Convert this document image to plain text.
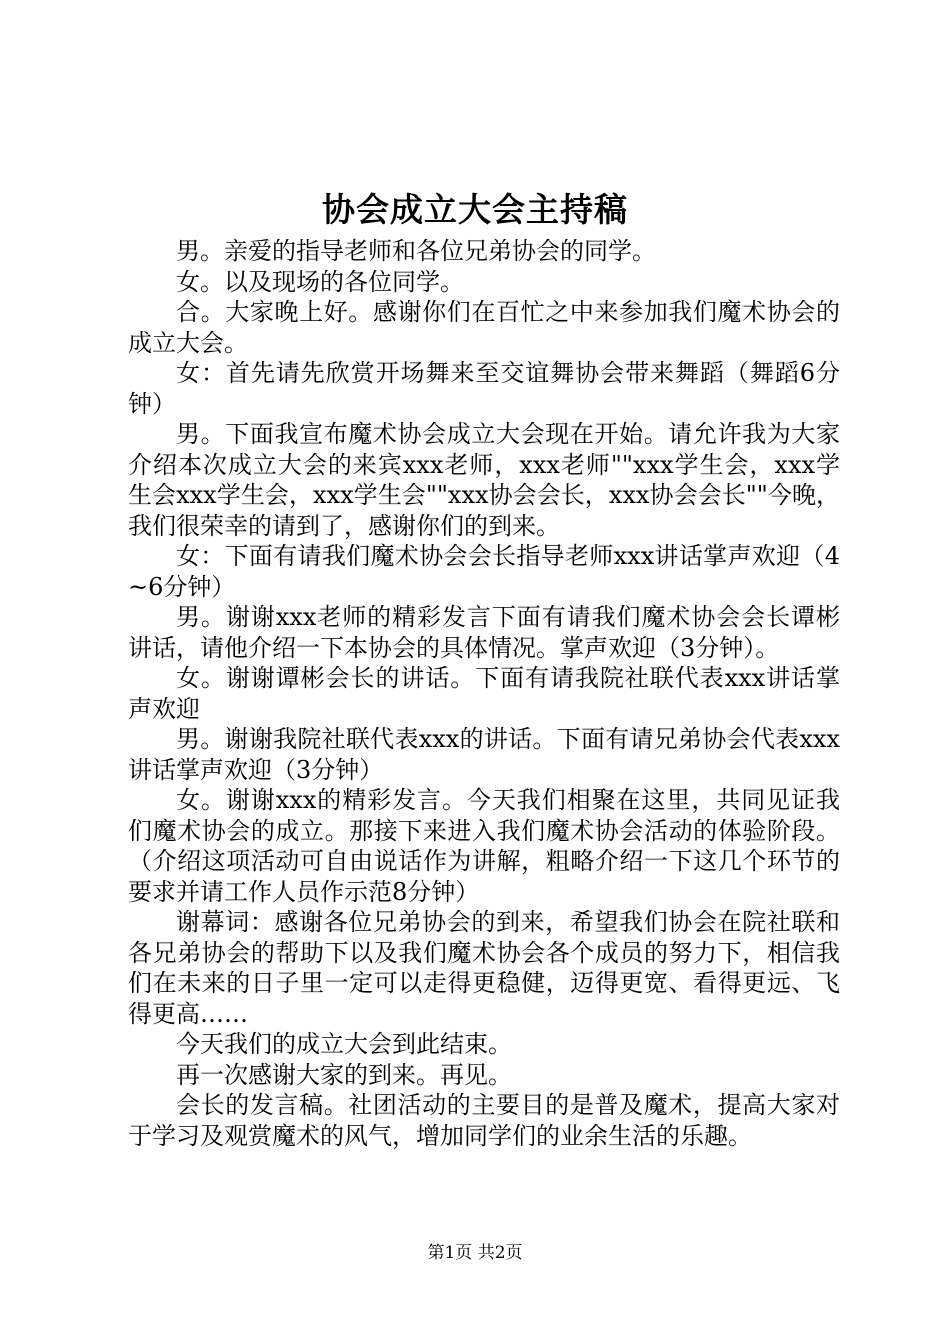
协会成立大会主持稿

男。亲爱的指导老师和各位兄弟协会的同学。

女。以及现场的各位同学。

合。大家晚上好。感谢你们在百忙之中来参加我们魔术协会的成立大会。

女：首先请先欣赏开场舞来至交谊舞协会带来舞蹈（舞蹈6分钟）

男。下面我宣布魔术协会成立大会现在开始。请允许我为大家介绍本次成立大会的来宾xxx老师，xxx老师""xxx学生会，xxx学生会xxx学生会，xxx学生会""xxx协会会长，xxx协会会长""今晚，我们很荣幸的请到了，感谢你们的到来。

女：下面有请我们魔术协会会长指导老师xxx讲话掌声欢迎（4~6分钟）

男。谢谢xxx老师的精彩发言下面有请我们魔术协会会长谭彬讲话，请他介绍一下本协会的具体情况。掌声欢迎（3分钟）。

女。谢谢谭彬会长的讲话。下面有请我院社联代表xxx讲话掌声欢迎

男。谢谢我院社联代表xxx的讲话。下面有请兄弟协会代表xxx讲话掌声欢迎（3分钟）

女。谢谢xxx的精彩发言。今天我们相聚在这里，共同见证我们魔术协会的成立。那接下来进入我们魔术协会活动的体验阶段。（介绍这项活动可自由说话作为讲解，粗略介绍一下这几个环节的要求并请工作人员作示范8分钟）

谢幕词：感谢各位兄弟协会的到来，希望我们协会在院社联和各兄弟协会的帮助下以及我们魔术协会各个成员的努力下，相信我们在未来的日子里一定可以走得更稳健，迈得更宽、看得更远、飞得更高……

今天我们的成立大会到此结束。

再一次感谢大家的到来。再见。

会长的发言稿。社团活动的主要目的是普及魔术，提高大家对于学习及观赏魔术的风气，增加同学们的业余生活的乐趣。

第1页 共2页
